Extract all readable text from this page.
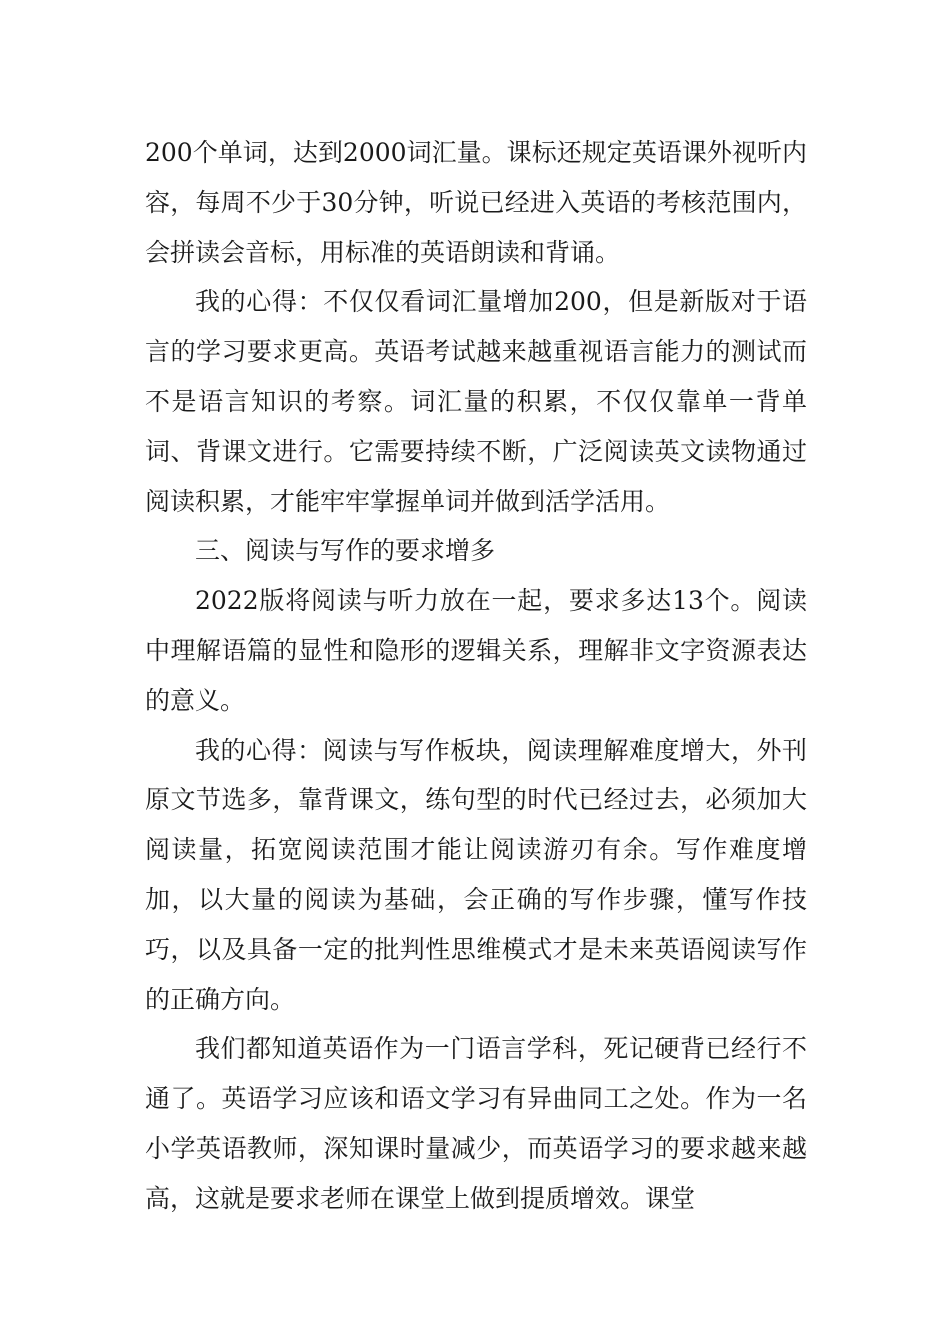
200个单词，达到2000词汇量。课标还规定英语课外视听内容，每周不少于30分钟，听说已经进入英语的考核范围内，会拼读会音标，用标准的英语朗读和背诵。

我的心得：不仅仅看词汇量增加200，但是新版对于语言的学习要求更高。英语考试越来越重视语言能力的测试而不是语言知识的考察。词汇量的积累，不仅仅靠单一背单词、背课文进行。它需要持续不断，广泛阅读英文读物通过阅读积累，才能牢牢掌握单词并做到活学活用。

三、阅读与写作的要求增多

2022版将阅读与听力放在一起，要求多达13个。阅读中理解语篇的显性和隐形的逻辑关系，理解非文字资源表达的意义。

我的心得：阅读与写作板块，阅读理解难度增大，外刊原文节选多，靠背课文，练句型的时代已经过去，必须加大阅读量，拓宽阅读范围才能让阅读游刃有余。写作难度增加，以大量的阅读为基础，会正确的写作步骤，懂写作技巧，以及具备一定的批判性思维模式才是未来英语阅读写作的正确方向。

我们都知道英语作为一门语言学科，死记硬背已经行不通了。英语学习应该和语文学习有异曲同工之处。作为一名小学英语教师，深知课时量减少，而英语学习的要求越来越高，这就是要求老师在课堂上做到提质增效。课堂
